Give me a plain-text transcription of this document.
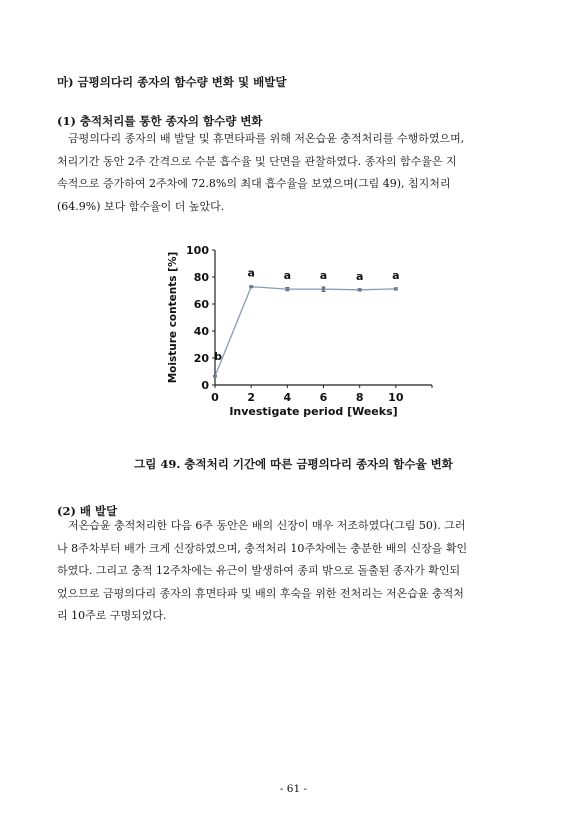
마) 금평의다리 종자의 함수량 변화 및 배발달
(1) 충적처리를 통한 종자의 함수량 변화

금평의다리 종자의 배 발달 및 휴면타파를 위해 저온습윤 충적처리를 수행하였으며,

처리기간 동안 2주 간격으로 수분 흡수율 및 단면을 관찰하였다. 종자의 함수율은 지

속적으로 증가하여 2주차에 72.8%의 최대 흡수율을 보였으며(그림 49), 침지처리

(64.9%) 보다 함수율이 더 높았다.

0
20
40
60
80
100
0	2	4	6	8 10
Investigate period [Weeks]
Moisture contents [%]	b
a	a	a	a	a
그림 49. 충적처리 기간에 따른 금평의다리 종자의 함수율 변화
(2) 배 발달

저온습윤 충적처리한 다음 6주 동안은 배의 신장이 매우 저조하였다(그림 50). 그러

나 8주차부터 배가 크게 신장하였으며, 충적처리 10주차에는 충분한 배의 신장을 확인

하였다. 그리고 충적 12주차에는 유근이 발생하여 종피 밖으로 돌출된 종자가 확인되

었으므로 금평의다리 종자의 휴면타파 및 배의 후숙을 위한 전처리는 저온습윤 충적처

리 10주로 구명되었다.

- 61 -
